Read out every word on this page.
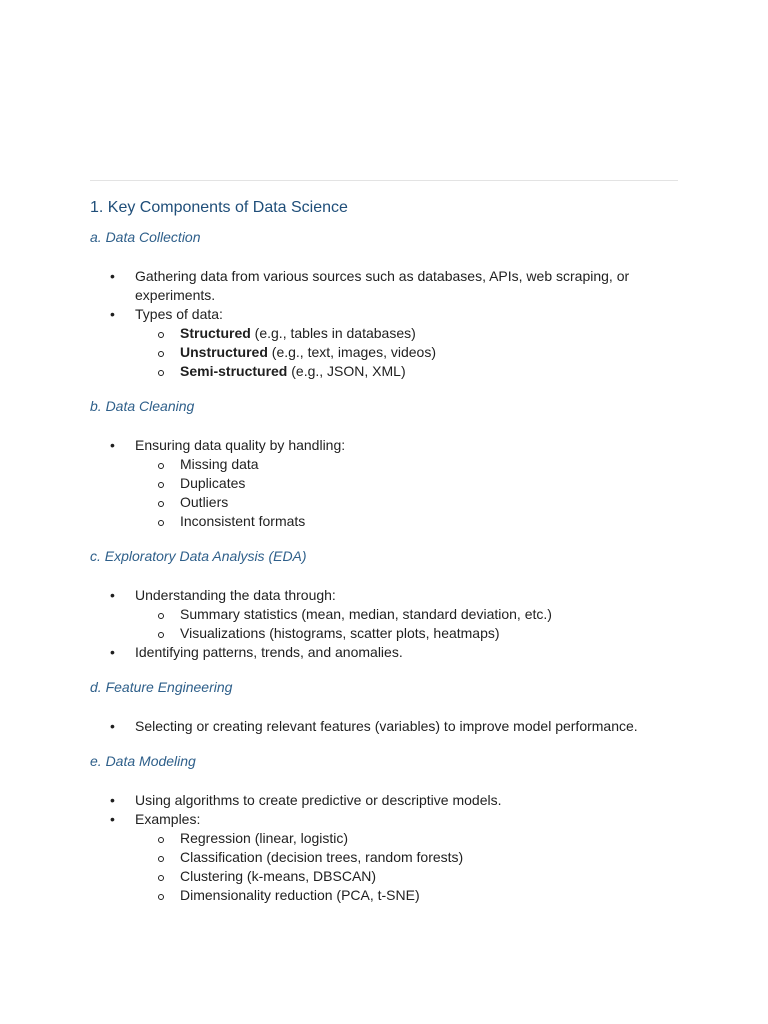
1. Key Components of Data Science
a. Data Collection
• Gathering data from various sources such as databases, APIs, web scraping, or experiments.
• Types of data:
Structured (e.g., tables in databases)
Unstructured (e.g., text, images, videos)
Semi-structured (e.g., JSON, XML)
b. Data Cleaning
• Ensuring data quality by handling:
Missing data
Duplicates
Outliers
Inconsistent formats
c. Exploratory Data Analysis (EDA)
• Understanding the data through:
Summary statistics (mean, median, standard deviation, etc.)
Visualizations (histograms, scatter plots, heatmaps)
• Identifying patterns, trends, and anomalies.
d. Feature Engineering
• Selecting or creating relevant features (variables) to improve model performance.
e. Data Modeling
• Using algorithms to create predictive or descriptive models.
• Examples:
Regression (linear, logistic)
Classification (decision trees, random forests)
Clustering (k-means, DBSCAN)
Dimensionality reduction (PCA, t-SNE)
